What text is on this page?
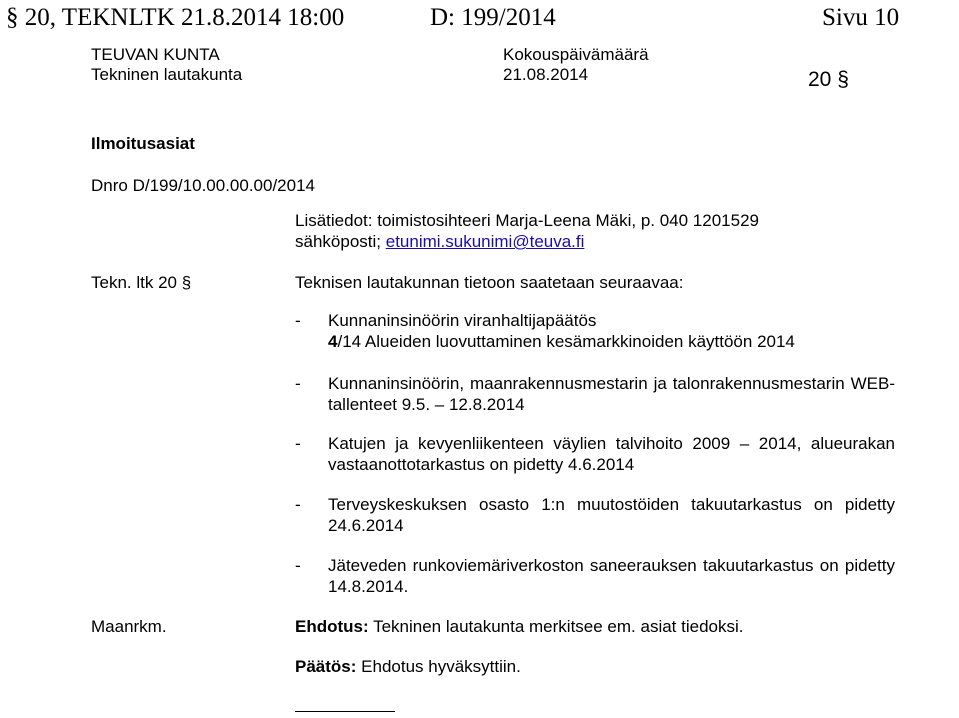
§ 20, TEKNLTK 21.8.2014 18:00	D: 199/2014	Sivu 10
TEUVAN KUNTA
Tekninen lautakunta
Kokouspäivämäärä
21.08.2014	20 §
Ilmoitusasiat
Dnro D/199/10.00.00.00/2014
Lisätiedot: toimistosihteeri Marja-Leena Mäki, p. 040 1201529
sähköposti; etunimi.sukunimi@teuva.fi
Tekn. ltk 20 §	Teknisen lautakunnan tietoon saatetaan seuraavaa:
- Kunnaninsinöörin viranhaltijapäätös
4/14 Alueiden luovuttaminen kesämarkkinoiden käyttöön 2014
- Kunnaninsinöörin, maanrakennusmestarin ja talonrakennusmestarin WEB-tallenteet 9.5. – 12.8.2014
- Katujen ja kevyenliikenteen väylien talvihoito 2009 – 2014, alueurakan vastaanottotarkastus on pidetty 4.6.2014
- Terveyskeskuksen osasto 1:n muutostöiden takuutarkastus on pidetty 24.6.2014
- Jäteveden runkoviemäriverkoston saneerauksen takuutarkastus on pidetty 14.8.2014.
Maanrkm.	Ehdotus: Tekninen lautakunta merkitsee em. asiat tiedoksi.
Päätös: Ehdotus hyväksyttiin.
